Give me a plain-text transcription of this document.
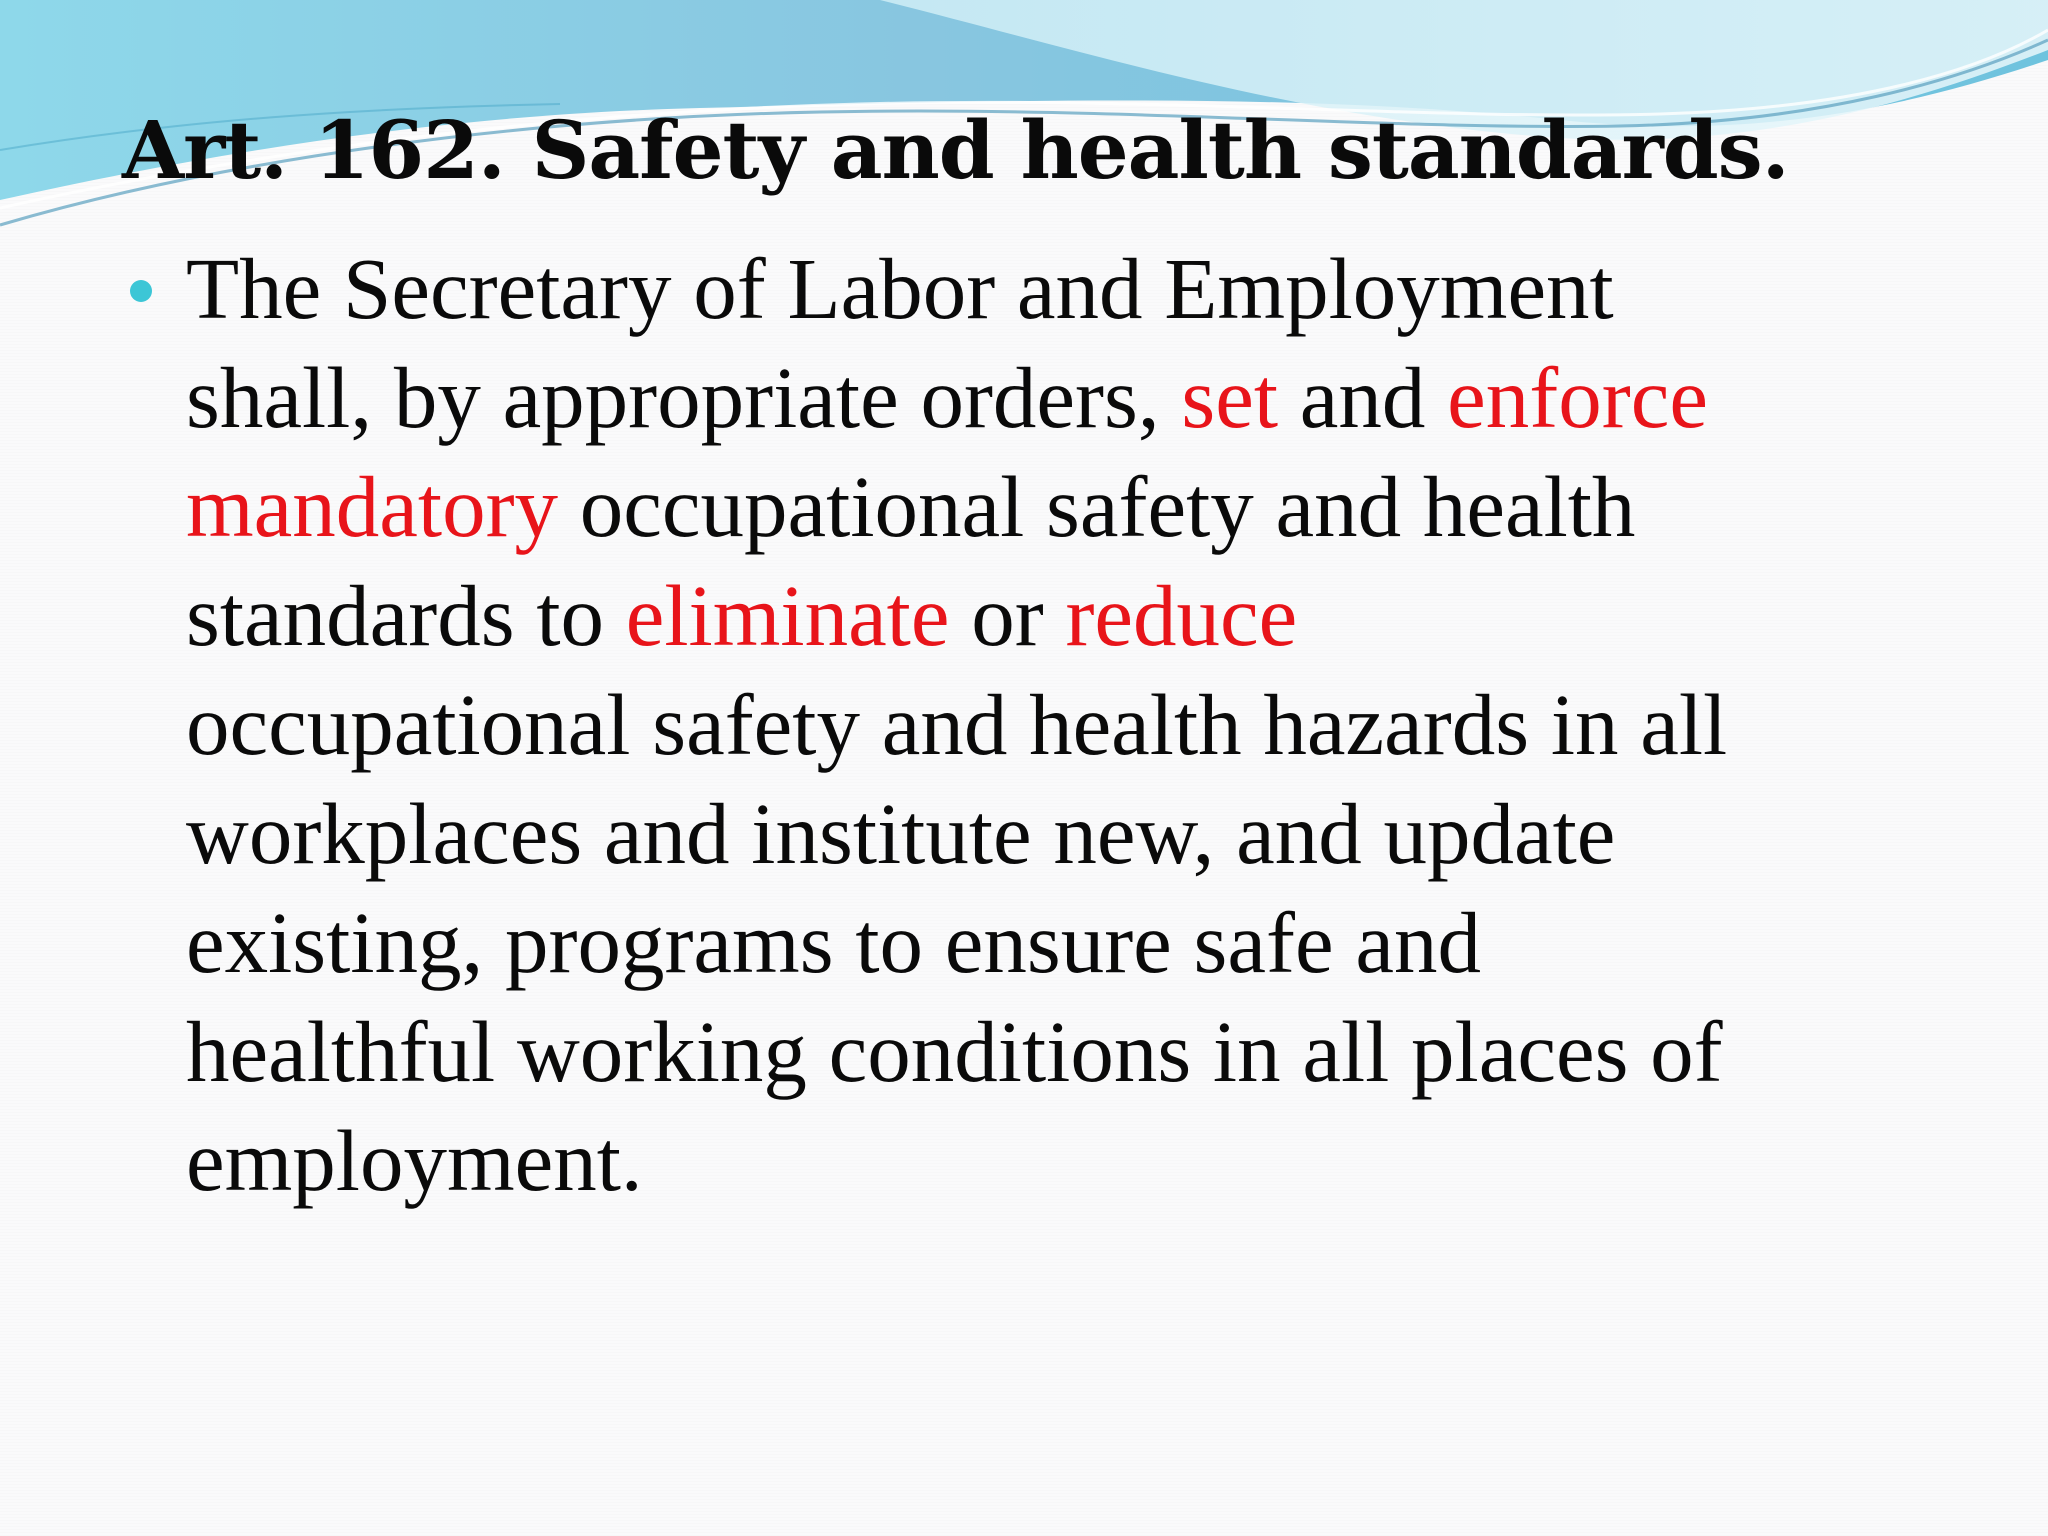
Art. 162. Safety and health standards.

The Secretary of Labor and Employment
shall, by appropriate orders, set and enforce
mandatory occupational safety and health
standards to eliminate or reduce
occupational safety and health hazards in all
workplaces and institute new, and update
existing, programs to ensure safe and
healthful working conditions in all places of
employment.
